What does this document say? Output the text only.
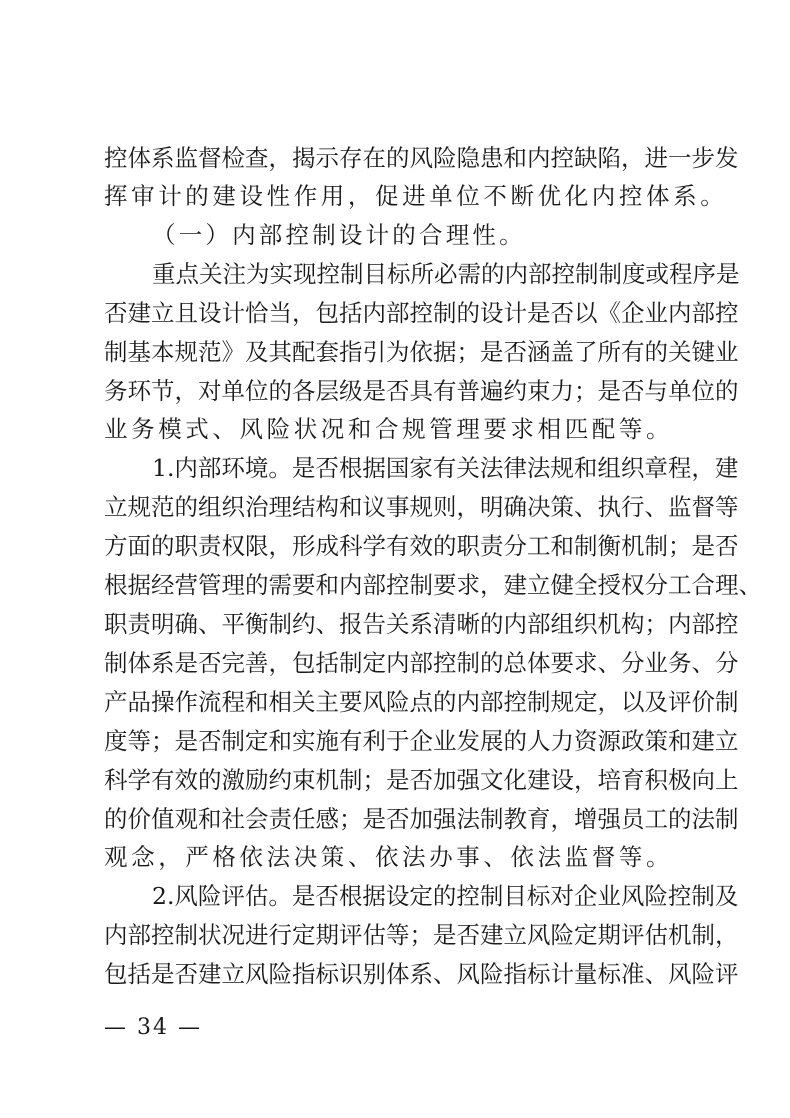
控体系监督检查，揭示存在的风险隐患和内控缺陷，进一步发
挥审计的建设性作用，促进单位不断优化内控体系。
（一）内部控制设计的合理性。
重点关注为实现控制目标所必需的内部控制制度或程序是
否建立且设计恰当，包括内部控制的设计是否以《企业内部控
制基本规范》及其配套指引为依据；是否涵盖了所有的关键业
务环节，对单位的各层级是否具有普遍约束力；是否与单位的
业务模式、风险状况和合规管理要求相匹配等。
1.内部环境。是否根据国家有关法律法规和组织章程，建
立规范的组织治理结构和议事规则，明确决策、执行、监督等
方面的职责权限，形成科学有效的职责分工和制衡机制；是否
根据经营管理的需要和内部控制要求，建立健全授权分工合理、
职责明确、平衡制约、报告关系清晰的内部组织机构；内部控
制体系是否完善，包括制定内部控制的总体要求、分业务、分
产品操作流程和相关主要风险点的内部控制规定，以及评价制
度等；是否制定和实施有利于企业发展的人力资源政策和建立
科学有效的激励约束机制；是否加强文化建设，培育积极向上
的价值观和社会责任感；是否加强法制教育，增强员工的法制
观念，严格依法决策、依法办事、依法监督等。
2.风险评估。是否根据设定的控制目标对企业风险控制及
内部控制状况进行定期评估等；是否建立风险定期评估机制，
包括是否建立风险指标识别体系、风险指标计量标准、风险评
— 34 —
